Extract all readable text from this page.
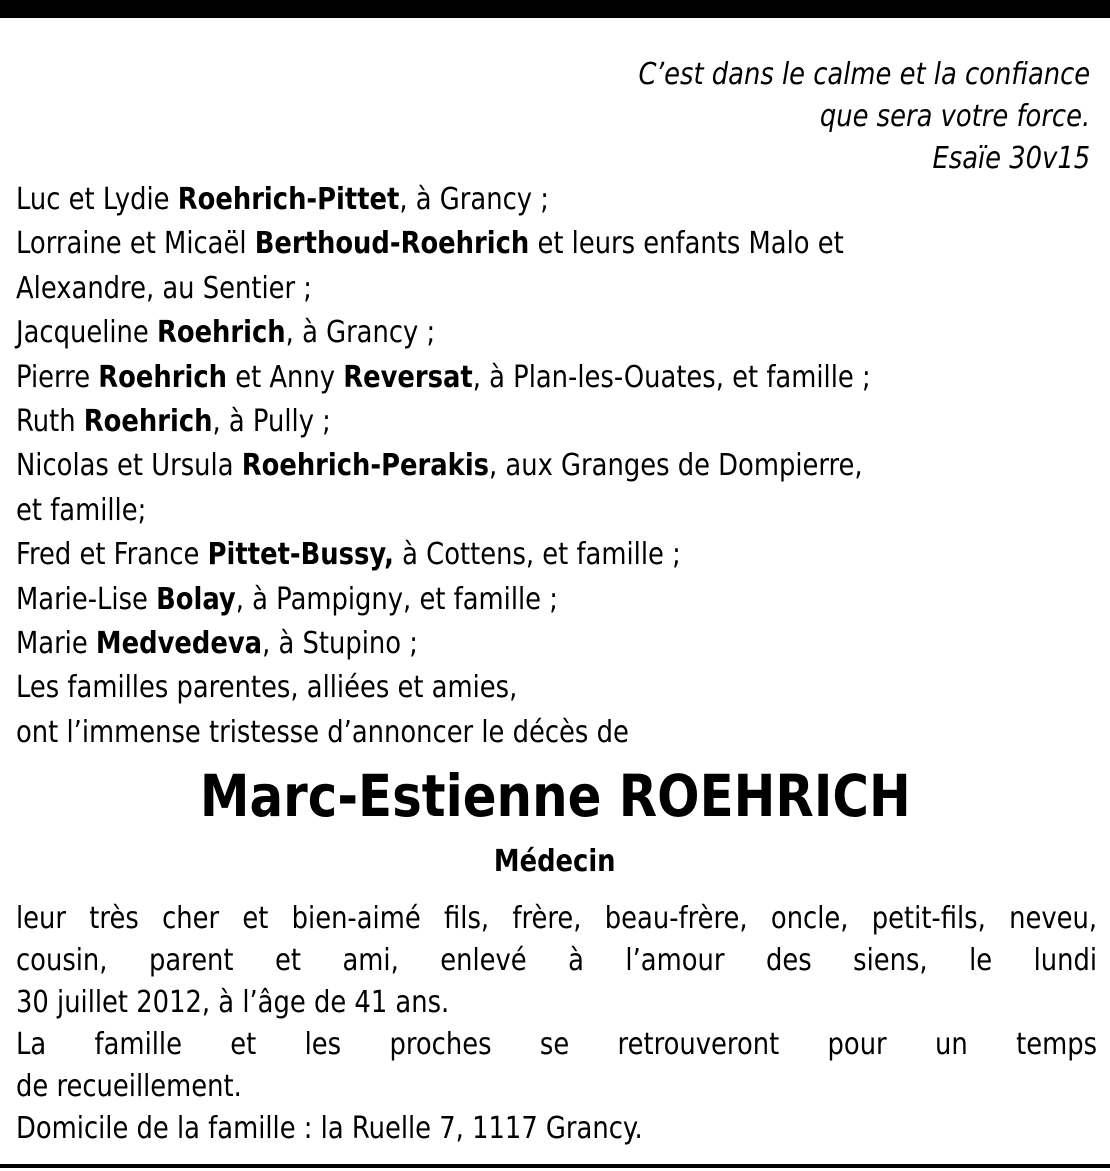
C’est dans le calme et la confiance
que sera votre force.
Esaïe 30v15
Luc et Lydie Roehrich-Pittet, à Grancy ;
Lorraine et Micaël Berthoud-Roehrich et leurs enfants Malo et
Alexandre, au Sentier ;
Jacqueline Roehrich, à Grancy ;
Pierre Roehrich et Anny Reversat, à Plan-les-Ouates, et famille ;
Ruth Roehrich, à Pully ;
Nicolas et Ursula Roehrich-Perakis, aux Granges de Dompierre,
et famille;
Fred et France Pittet-Bussy, à Cottens, et famille ;
Marie-Lise Bolay, à Pampigny, et famille ;
Marie Medvedeva, à Stupino ;
Les familles parentes, alliées et amies,
ont l’immense tristesse d’annoncer le décès de
Marc-Estienne ROEHRICH
Médecin
leur très cher et bien-aimé fils, frère, beau-frère, oncle, petit-fils, neveu,
cousin, parent et ami, enlevé à l’amour des siens, le lundi
30 juillet 2012, à l’âge de 41 ans.
La famille et les proches se retrouveront pour un temps
de recueillement.
Domicile de la famille : la Ruelle 7, 1117 Grancy.
